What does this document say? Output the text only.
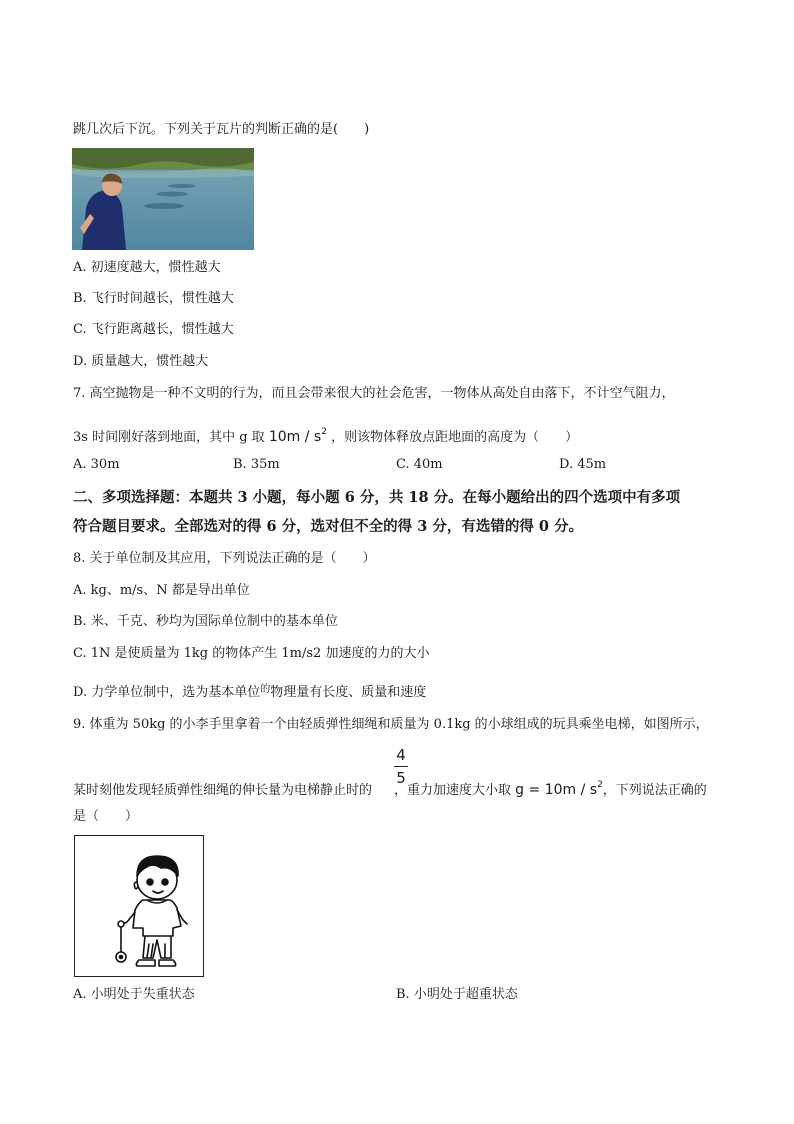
跳几次后下沉。下列关于瓦片的判断正确的是(　　)
A. 初速度越大，惯性越大
B. 飞行时间越长，惯性越大
C. 飞行距离越长，惯性越大
D. 质量越大，惯性越大
7. 高空抛物是一种不文明的行为，而且会带来很大的社会危害，一物体从高处自由落下，不计空气阻力，
3s 时间刚好落到地面，其中 g 取 $10m / s^2$ ，则该物体释放点距地面的高度为（　　）
A. 30m	B. 35m	C. 40m	D. 45m
二、多项选择题：本题共 3 小题，每小题 6 分，共 18 分。在每小题给出的四个选项中有多项
符合题目要求。全部选对的得 6 分，选对但不全的得 3 分，有选错的得 0 分。
8. 关于单位制及其应用，下列说法正确的是（　　）
A. kg、m/s、N 都是导出单位
B. 米、千克、秒均为国际单位制中的基本单位
C. 1N 是使质量为 1kg 的物体产生 1m/s2 加速度的力的大小
D. 力学单位制中，选为基本单位$^的$物理量有长度、质量和速度
9. 体重为 50kg 的小李手里拿着一个由轻质弹性细绳和质量为 0.1kg 的小球组成的玩具乘坐电梯，如图所示，
4
5
某时刻他发现轻质弹性细绳的伸长量为电梯静止时的 ，重力加速度大小取 $g = 10m / s^2$，下列说法正确的
是（　　）
A. 小明处于失重状态	B. 小明处于超重状态
